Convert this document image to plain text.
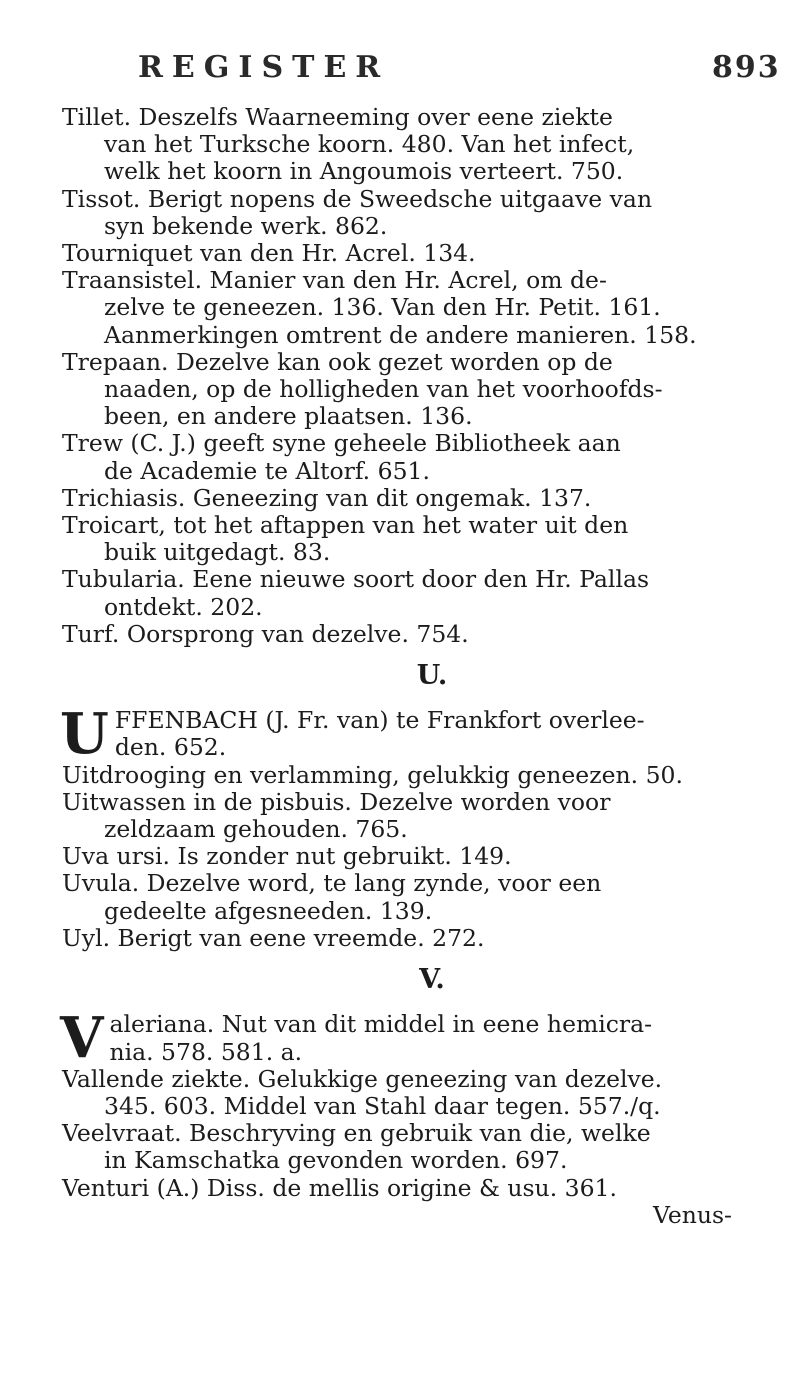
REGISTER	893
Tillet. Deszelfs Waarneeming over eene ziekte
van het Turksche koorn. 480. Van het infect,
welk het koorn in Angoumois verteert. 750.
Tissot. Berigt nopens de Sweedsche uitgaave van
syn bekende werk. 862.
Tourniquet van den Hr. Acrel. 134.
Traansistel. Manier van den Hr. Acrel, om de-
zelve te geneezen. 136. Van den Hr. Petit. 161.
Aanmerkingen omtrent de andere manieren. 158.
Trepaan. Dezelve kan ook gezet worden op de
naaden, op de holligheden van het voorhoofds-
been, en andere plaatsen. 136.
Trew (C. J.) geeft syne geheele Bibliotheek aan
de Academie te Altorf. 651.
Trichiasis. Geneezing van dit ongemak. 137.
Troicart, tot het aftappen van het water uit den
buik uitgedagt. 83.
Tubularia. Eene nieuwe soort door den Hr. Pallas
ontdekt. 202.
Turf. Oorsprong van dezelve. 754.
U.
U FFENBACH (J. Fr. van) te Frankfort overlee-
den. 652.
Uitdrooging en verlamming, gelukkig geneezen. 50.
Uitwassen in de pisbuis. Dezelve worden voor
zeldzaam gehouden. 765.
Uva ursi. Is zonder nut gebruikt. 149.
Uvula. Dezelve word, te lang zynde, voor een
gedeelte afgesneeden. 139.
Uyl. Berigt van eene vreemde. 272.
V.
V aleriana. Nut van dit middel in eene hemicra-
nia. 578. 581. a.
Vallende ziekte. Gelukkige geneezing van dezelve.
345. 603. Middel van Stahl daar tegen. 557./q.
Veelvraat. Beschryving en gebruik van die, welke
in Kamschatka gevonden worden. 697.
Venturi (A.) Diss. de mellis origine & usu. 361.
Venus-
